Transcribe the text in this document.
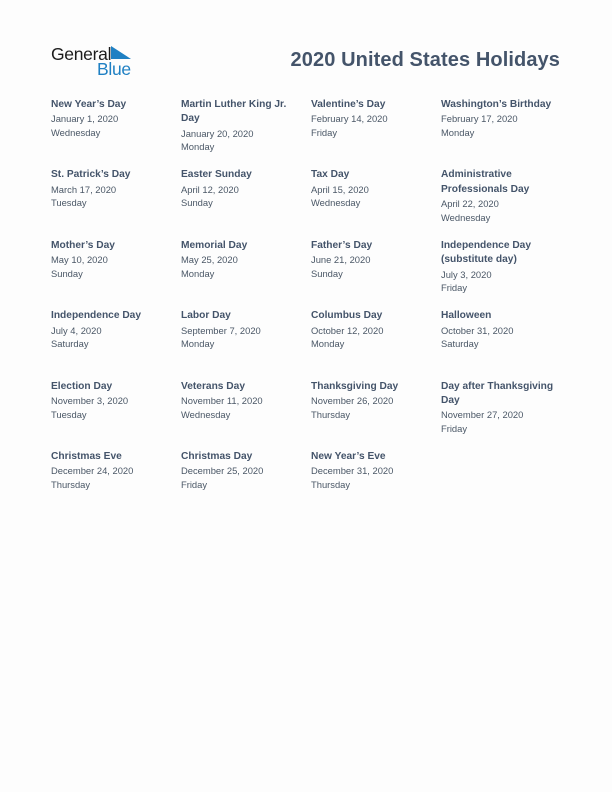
General
Blue	2020 United States Holidays
New Year’s Day
January 1, 2020
Wednesday
Martin Luther King Jr. Day
January 20, 2020
Monday
Valentine’s Day
February 14, 2020
Friday
Washington’s Birthday
February 17, 2020
Monday
St. Patrick’s Day
March 17, 2020
Tuesday
Easter Sunday
April 12, 2020
Sunday
Tax Day
April 15, 2020
Wednesday
Administrative Professionals Day
April 22, 2020
Wednesday
Mother’s Day
May 10, 2020
Sunday
Memorial Day
May 25, 2020
Monday
Father’s Day
June 21, 2020
Sunday
Independence Day (substitute day)
July 3, 2020
Friday
Independence Day
July 4, 2020
Saturday
Labor Day
September 7, 2020
Monday
Columbus Day
October 12, 2020
Monday
Halloween
October 31, 2020
Saturday
Election Day
November 3, 2020
Tuesday
Veterans Day
November 11, 2020
Wednesday
Thanksgiving Day
November 26, 2020
Thursday
Day after Thanksgiving Day
November 27, 2020
Friday
Christmas Eve
December 24, 2020
Thursday
Christmas Day
December 25, 2020
Friday
New Year’s Eve
December 31, 2020
Thursday
